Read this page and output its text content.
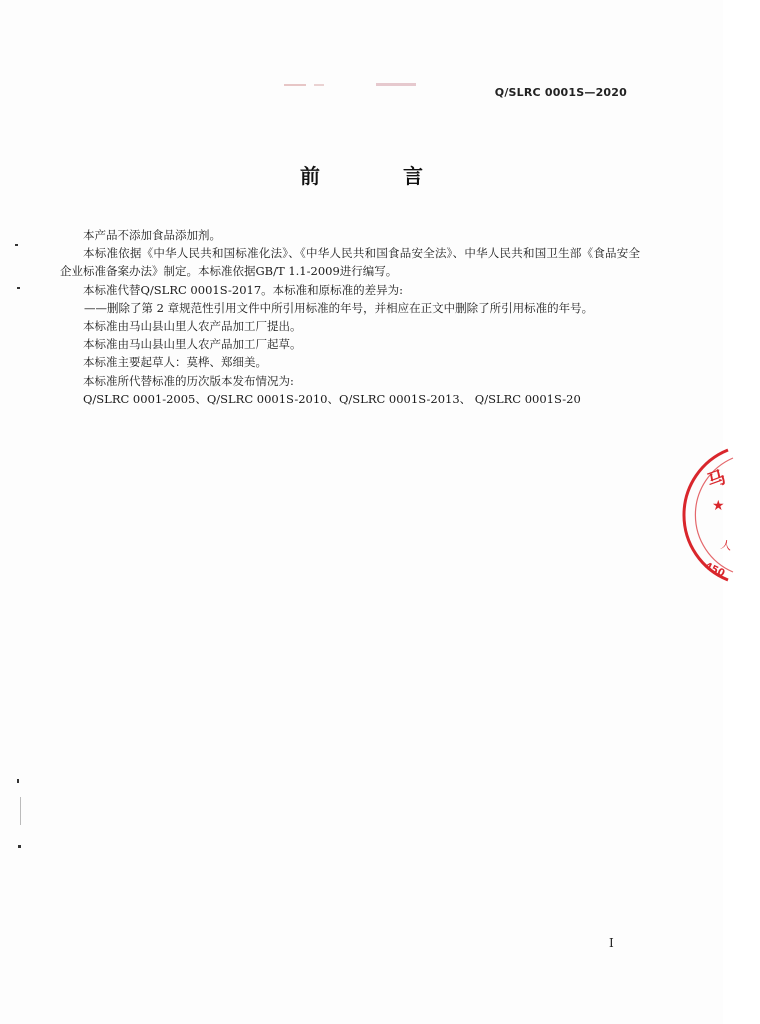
Q/SLRC 0001S—2020
前 言

本产品不添加食品添加剂。

本标准依据《中华人民共和国标准化法》、《中华人民共和国食品安全法》、中华人民共和国卫生部《食品安全企业标准备案办法》制定。本标准依据GB/T 1.1-2009进行编写。

本标准代替Q/SLRC 0001S-2017。本标准和原标准的差异为:

——删除了第 2 章规范性引用文件中所引用标准的年号，并相应在正文中删除了所引用标准的年号。

本标准由马山县山里人农产品加工厂提出。

本标准由马山县山里人农产品加工厂起草。

本标准主要起草人：莫桦、郑细美。

本标准所代替标准的历次版本发布情况为:

Q/SLRC 0001-2005、Q/SLRC 0001S-2010、Q/SLRC 0001S-2013、 Q/SLRC 0001S-20

I
马
★
人
450
